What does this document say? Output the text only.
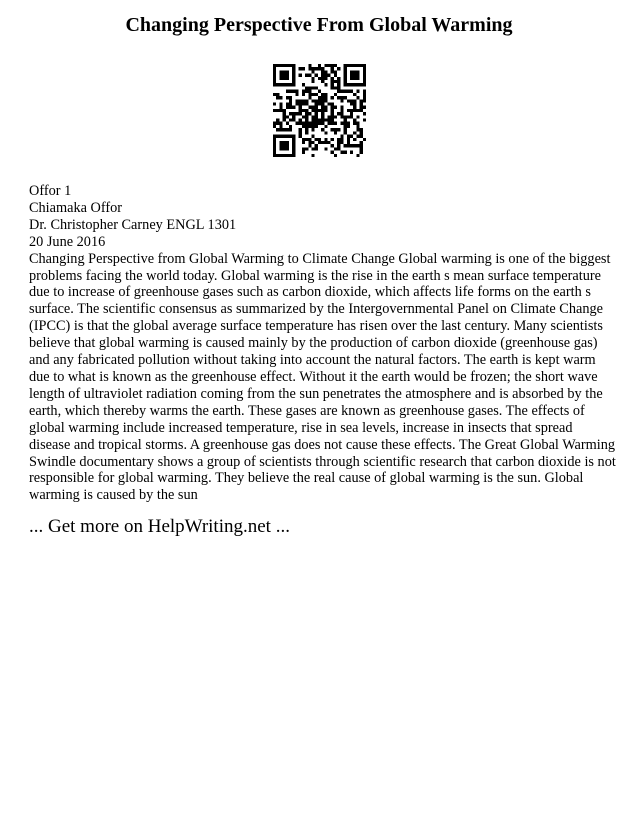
Changing Perspective From Global Warming
Offor 1
Chiamaka Offor
Dr. Christopher Carney ENGL 1301
20 June 2016
Changing Perspective from Global Warming to Climate Change Global warming is one of the biggest
problems facing the world today. Global warming is the rise in the earth s mean surface temperature
due to increase of greenhouse gases such as carbon dioxide, which affects life forms on the earth s
surface. The scientific consensus as summarized by the Intergovernmental Panel on Climate Change
(IPCC) is that the global average surface temperature has risen over the last century. Many scientists
believe that global warming is caused mainly by the production of carbon dioxide (greenhouse gas)
and any fabricated pollution without taking into account the natural factors. The earth is kept warm
due to what is known as the greenhouse effect. Without it the earth would be frozen; the short wave
length of ultraviolet radiation coming from the sun penetrates the atmosphere and is absorbed by the
earth, which thereby warms the earth. These gases are known as greenhouse gases. The effects of
global warming include increased temperature, rise in sea levels, increase in insects that spread
disease and tropical storms. A greenhouse gas does not cause these effects. The Great Global Warming
Swindle documentary shows a group of scientists through scientific research that carbon dioxide is not
responsible for global warming. They believe the real cause of global warming is the sun. Global
warming is caused by the sun
... Get more on HelpWriting.net ...
